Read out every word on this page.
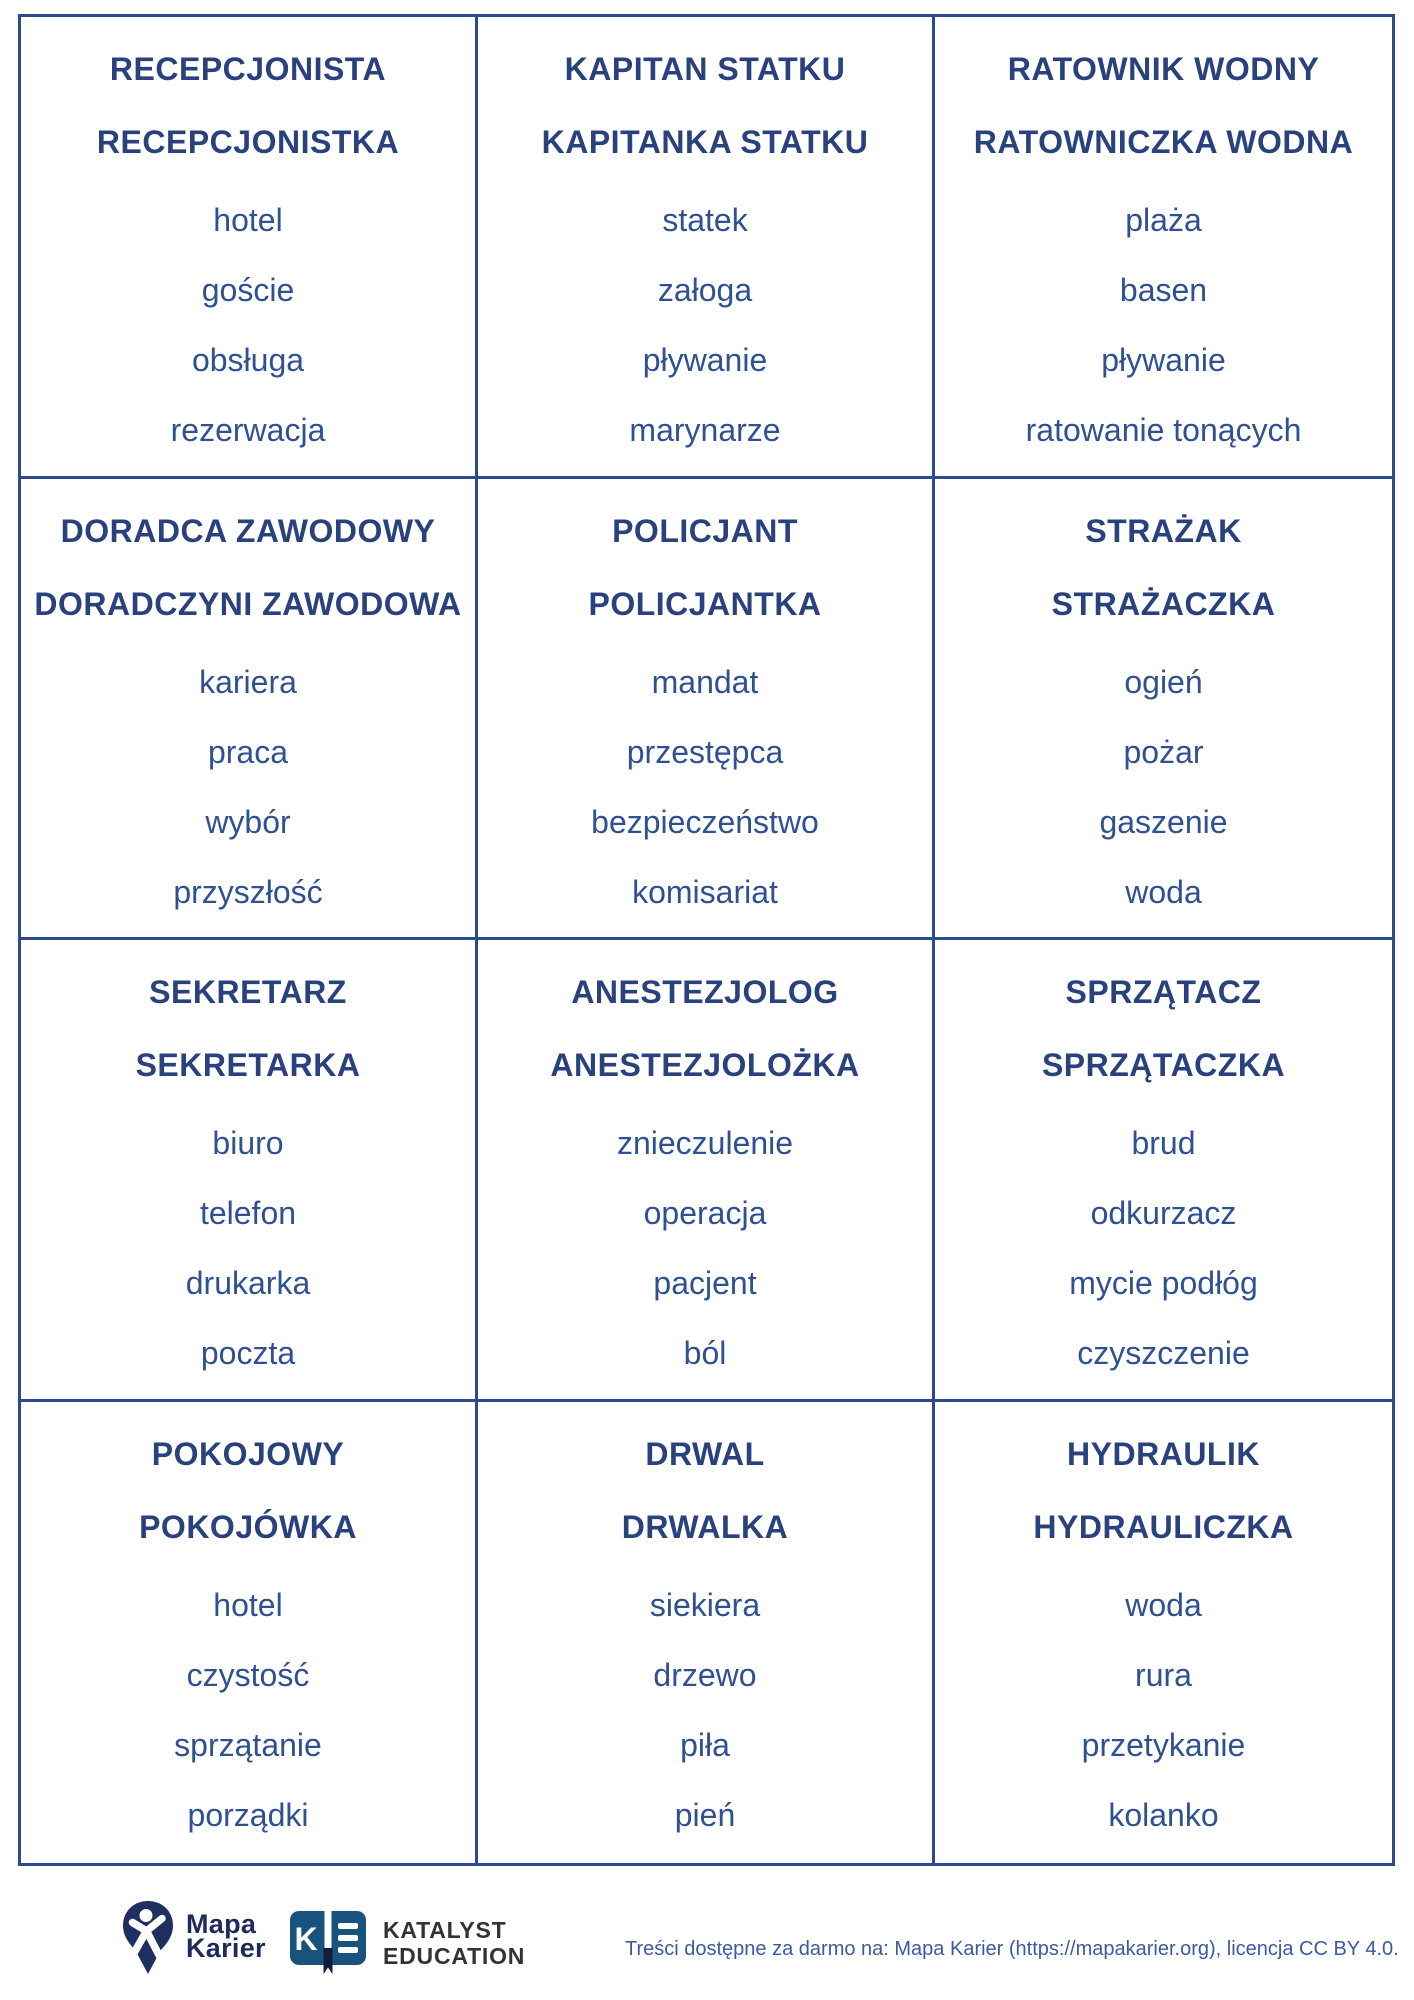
RECEPCJONISTA
RECEPCJONISTKA
hotel
goście
obsługa
rezerwacja
KAPITAN STATKU
KAPITANKA STATKU
statek
załoga
pływanie
marynarze
RATOWNIK WODNY
RATOWNICZKA WODNA
plaża
basen
pływanie
ratowanie tonących
DORADCA ZAWODOWY
DORADCZYNI ZAWODOWA
kariera
praca
wybór
przyszłość
POLICJANT
POLICJANTKA
mandat
przestępca
bezpieczeństwo
komisariat
STRAŻAK
STRAŻACZKA
ogień
pożar
gaszenie
woda
SEKRETARZ
SEKRETARKA
biuro
telefon
drukarka
poczta
ANESTEZJOLOG
ANESTEZJOLOŻKA
znieczulenie
operacja
pacjent
ból
SPRZĄTACZ
SPRZĄTACZKA
brud
odkurzacz
mycie podłóg
czyszczenie
POKOJOWY
POKOJÓWKA
hotel
czystość
sprzątanie
porządki
DRWAL
DRWALKA
siekiera
drzewo
piła
pień
HYDRAULIK
HYDRAULICZKA
woda
rura
przetykanie
kolanko
Mapa
Karier K	KATALYST
EDUCATION	Treści dostępne za darmo na: Mapa Karier (https://mapakarier.org), licencja CC BY 4.0.
